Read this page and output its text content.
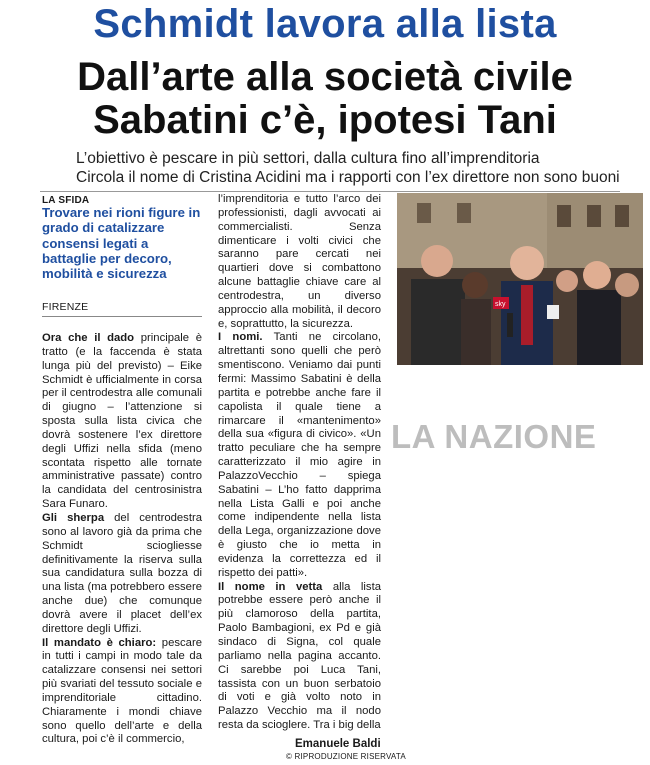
Schmidt lavora alla lista
Dall’arte alla società civile
Sabatini c’è, ipotesi Tani
L’obiettivo è pescare in più settori, dalla cultura fino all’imprenditoria
Circola il nome di Cristina Acidini ma i rapporti con l’ex direttore non sono buoni
LA SFIDA
Trovare nei rioni figure in grado di catalizzare consensi legati a battaglie per decoro, mobilità e sicurezza
FIRENZE

Ora che il dado principale è tratto (e la faccenda è stata lunga più del previsto) – Eike Schmidt è ufficialmente in corsa per il centrodestra alle comunali di giugno – l’attenzione si sposta sulla lista civica che dovrà sostenere l’ex direttore degli Uffizi nella sfida (meno scontata rispetto alle tornate amministrative passate) contro la candidata del centrosinistra Sara Funaro.

Gli sherpa del centrodestra sono al lavoro già da prima che Schmidt sciogliesse definitivamente la riserva sulla sua candidatura sulla bozza di una lista (ma potrebbero essere anche due) che comunque dovrà avere il placet dell’ex direttore degli Uffizi.

Il mandato è chiaro: pescare in tutti i campi in modo tale da catalizzare consensi nei settori più svariati del tessuto sociale e imprenditoriale cittadino. Chiaramente i mondi chiave sono quello dell’arte e della cultura, poi c’è il commercio,

l’imprenditoria e tutto l’arco dei professionisti, dagli avvocati ai commercialisti. Senza dimenticare i volti civici che saranno pare cercati nei quartieri dove si combattono alcune battaglie chiave care al centrodestra, un diverso approccio alla mobilità, il decoro e, soprattutto, la sicurezza.

I nomi. Tanti ne circolano, altrettanti sono quelli che però smentiscono. Veniamo dai punti fermi: Massimo Sabatini è della partita e potrebbe anche fare il capolista il quale tiene a rimarcare il «mantenimento» della sua «figura di civico». «Un tratto peculiare che ha sempre caratterizzato il mio agire in PalazzoVecchio – spiega Sabatini – L’ho fatto dapprima nella Lista Galli e poi anche come indipendente nella lista della Lega, organizzazione dove è giusto che io metta in evidenza la correttezza ed il rispetto dei patti».

Il nome in vetta alla lista potrebbe essere però anche il più clamoroso della partita, Paolo Bambagioni, ex Pd e già sindaco di Signa, col quale parliamo nella pagina accanto. Ci sarebbe poi Luca Tani, tassista con un buon serbatoio di voti e già volto noto in Palazzo Vecchio ma il nodo resta da scioglere. Tra i big della

sky
LA NAZIONE
Emanuele Baldi
© RIPRODUZIONE RISERVATA
